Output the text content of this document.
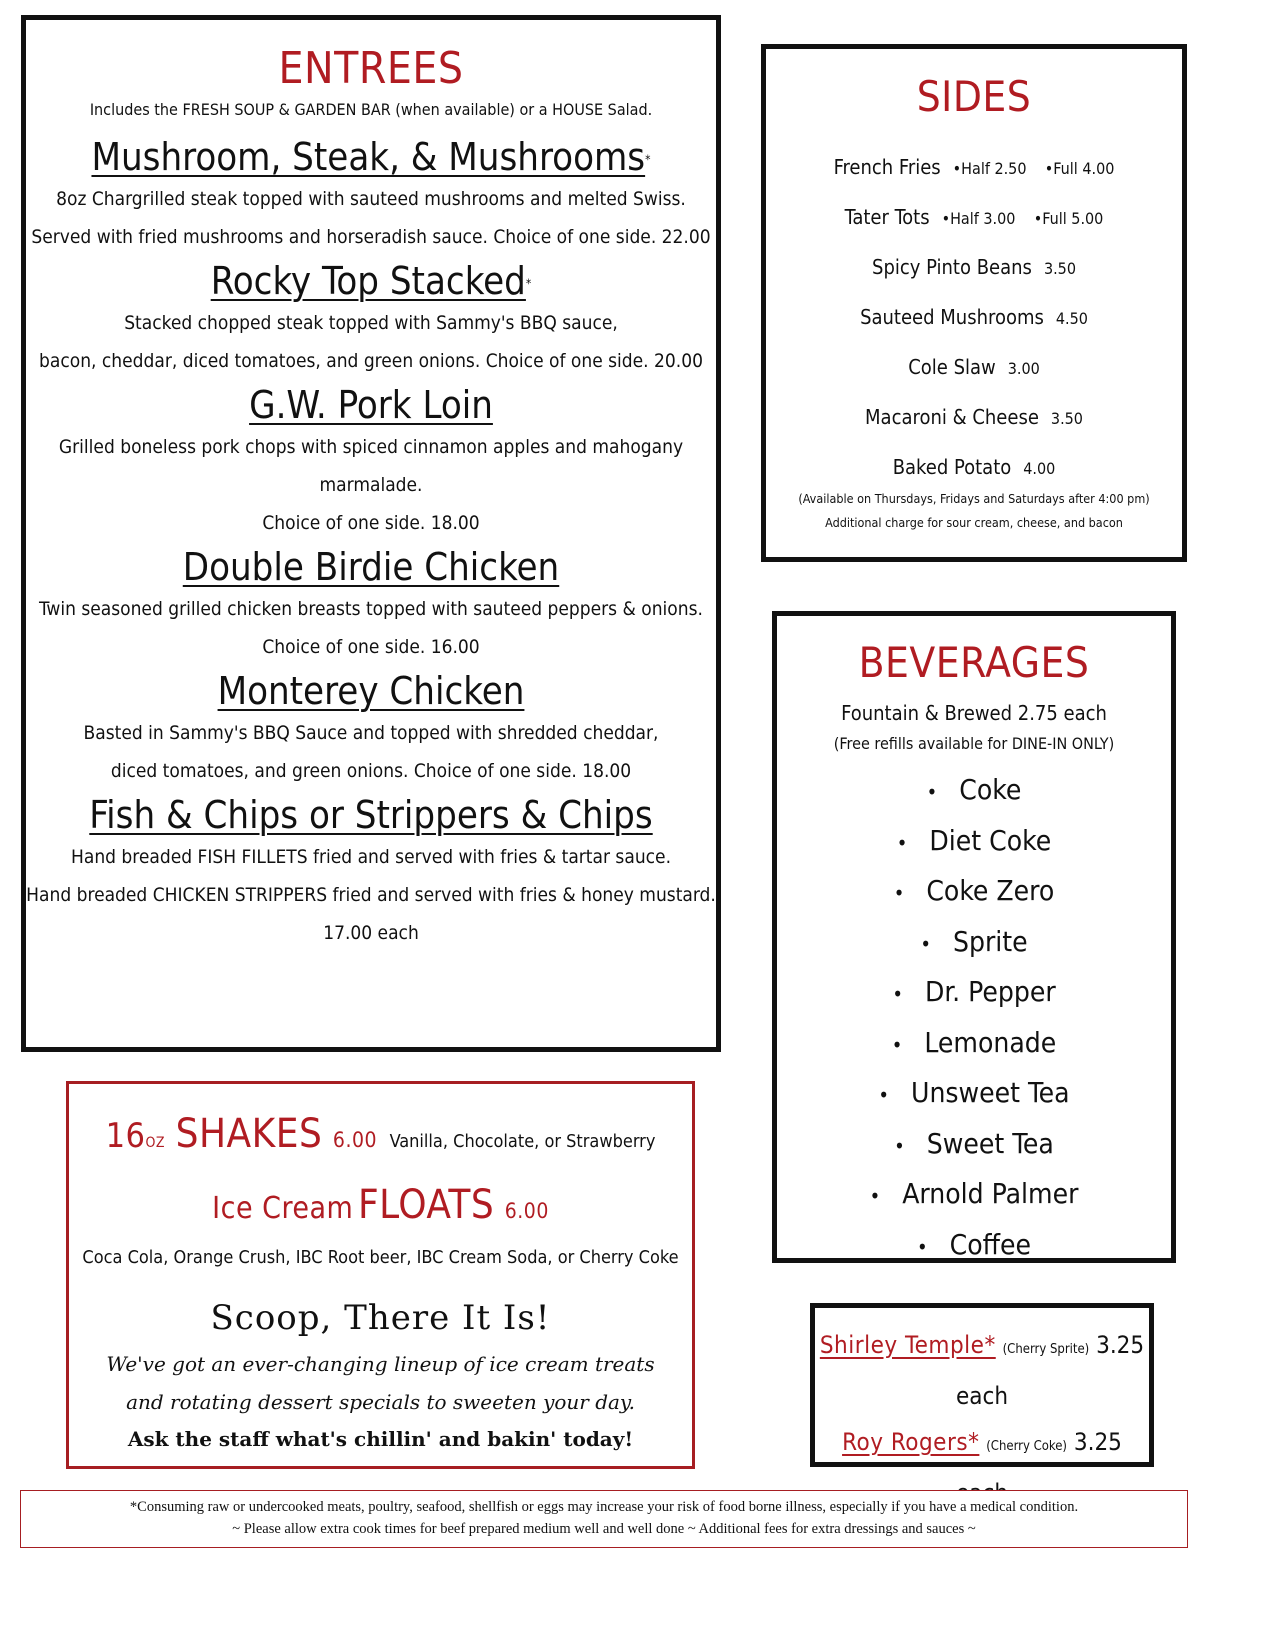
ENTREES
Includes the FRESH SOUP & GARDEN BAR (when available) or a HOUSE Salad.
Mushroom, Steak, & Mushrooms*
8oz Chargrilled steak topped with sauteed mushrooms and melted Swiss.
Served with fried mushrooms and horseradish sauce. Choice of one side. 22.00
Rocky Top Stacked*
Stacked chopped steak topped with Sammy's BBQ sauce,
bacon, cheddar, diced tomatoes, and green onions. Choice of one side. 20.00
G.W. Pork Loin
Grilled boneless pork chops with spiced cinnamon apples and mahogany marmalade.
Choice of one side. 18.00
Double Birdie Chicken
Twin seasoned grilled chicken breasts topped with sauteed peppers & onions.
Choice of one side. 16.00
Monterey Chicken
Basted in Sammy's BBQ Sauce and topped with shredded cheddar,
diced tomatoes, and green onions. Choice of one side. 18.00
Fish & Chips or Strippers & Chips
Hand breaded FISH FILLETS fried and served with fries & tartar sauce.
Hand breaded CHICKEN STRIPPERS fried and served with fries & honey mustard.
17.00 each
SIDES
French Fries •Half 2.50    •Full 4.00
Tater Tots •Half 3.00    •Full 5.00
Spicy Pinto Beans 3.50
Sauteed Mushrooms 4.50
Cole Slaw 3.00
Macaroni & Cheese 3.50
Baked Potato 4.00
(Available on Thursdays, Fridays and Saturdays after 4:00 pm)
Additional charge for sour cream, cheese, and bacon
BEVERAGES
Fountain & Brewed 2.75 each
(Free refills available for DINE-IN ONLY)
• Coke
• Diet Coke
• Coke Zero
• Sprite
• Dr. Pepper
• Lemonade
• Unsweet Tea
• Sweet Tea
• Arnold Palmer
• Coffee
Shirley Temple* (Cherry Sprite) 3.25 each
Roy Rogers* (Cherry Coke) 3.25
16OZ SHAKES 6.00 Vanilla, Chocolate, or Strawberry
Ice Cream FLOATS 6.00
Coca Cola, Orange Crush, IBC Root beer, IBC Cream Soda, or Cherry Coke
Scoop, There It Is!
We've got an ever-changing lineup of ice cream treats
and rotating dessert specials to sweeten your day.
Ask the staff what's chillin' and bakin' today!
*Consuming raw or undercooked meats, poultry, seafood, shellfish or eggs may increase your risk of food borne illness, especially if you have a medical condition.
~ Please allow extra cook times for beef prepared medium well and well done ~ Additional fees for extra dressings and sauces ~
